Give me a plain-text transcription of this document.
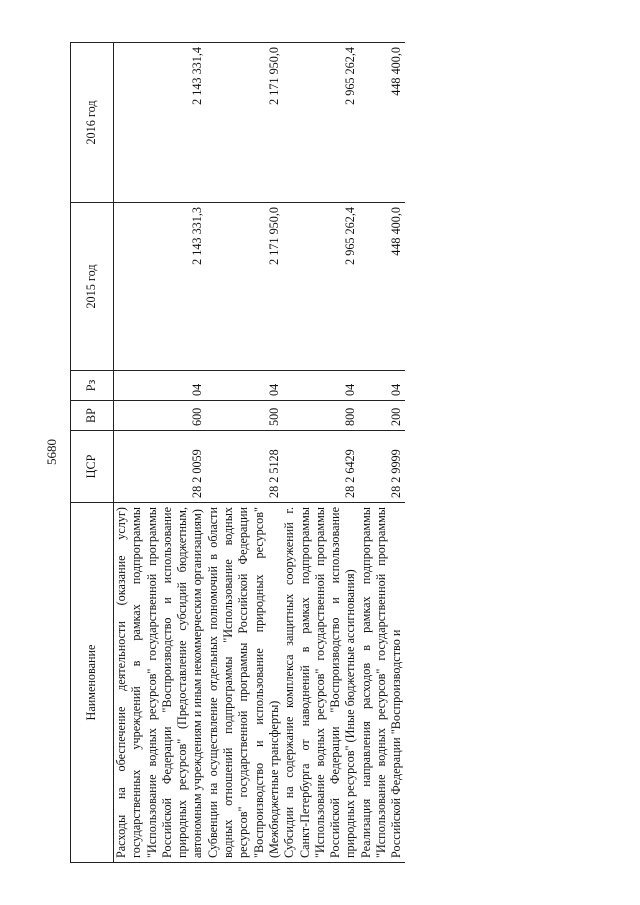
5680
Наименование	ЦСР	ВР	Рз	2015 год	2016 год
Расходы на обеспечение деятельности (оказание услуг) государственных учреждений в рамках подпрограммы "Использование водных ресурсов" государственной программы Российской Федерации "Воспроизводство и использование природных ресурсов" (Предоставление субсидий бюджетным, автономным учреждениям и иным некоммерческим организациям)	28 2 0059	600	04	2 143 331,3	2 143 331,4
Субвенции на осуществление отдельных полномочий в области водных отношений подпрограммы "Использование водных ресурсов" государственной программы Российской Федерации "Воспроизводство и использование природных ресурсов" (Межбюджетные трансферты)	28 2 5128	500	04	2 171 950,0	2 171 950,0
Субсидии на содержание комплекса защитных сооружений г. Санкт-Петербурга от наводнений в рамках подпрограммы "Использование водных ресурсов" государственной программы Российской Федерации "Воспроизводство и использование природных ресурсов" (Иные бюджетные ассигнования)	28 2 6429	800	04	2 965 262,4	2 965 262,4
Реализация направления расходов в рамках подпрограммы "Использование водных ресурсов" государственной программы Российской Федерации "Воспроизводство и	28 2 9999	200	04	448 400,0	448 400,0
